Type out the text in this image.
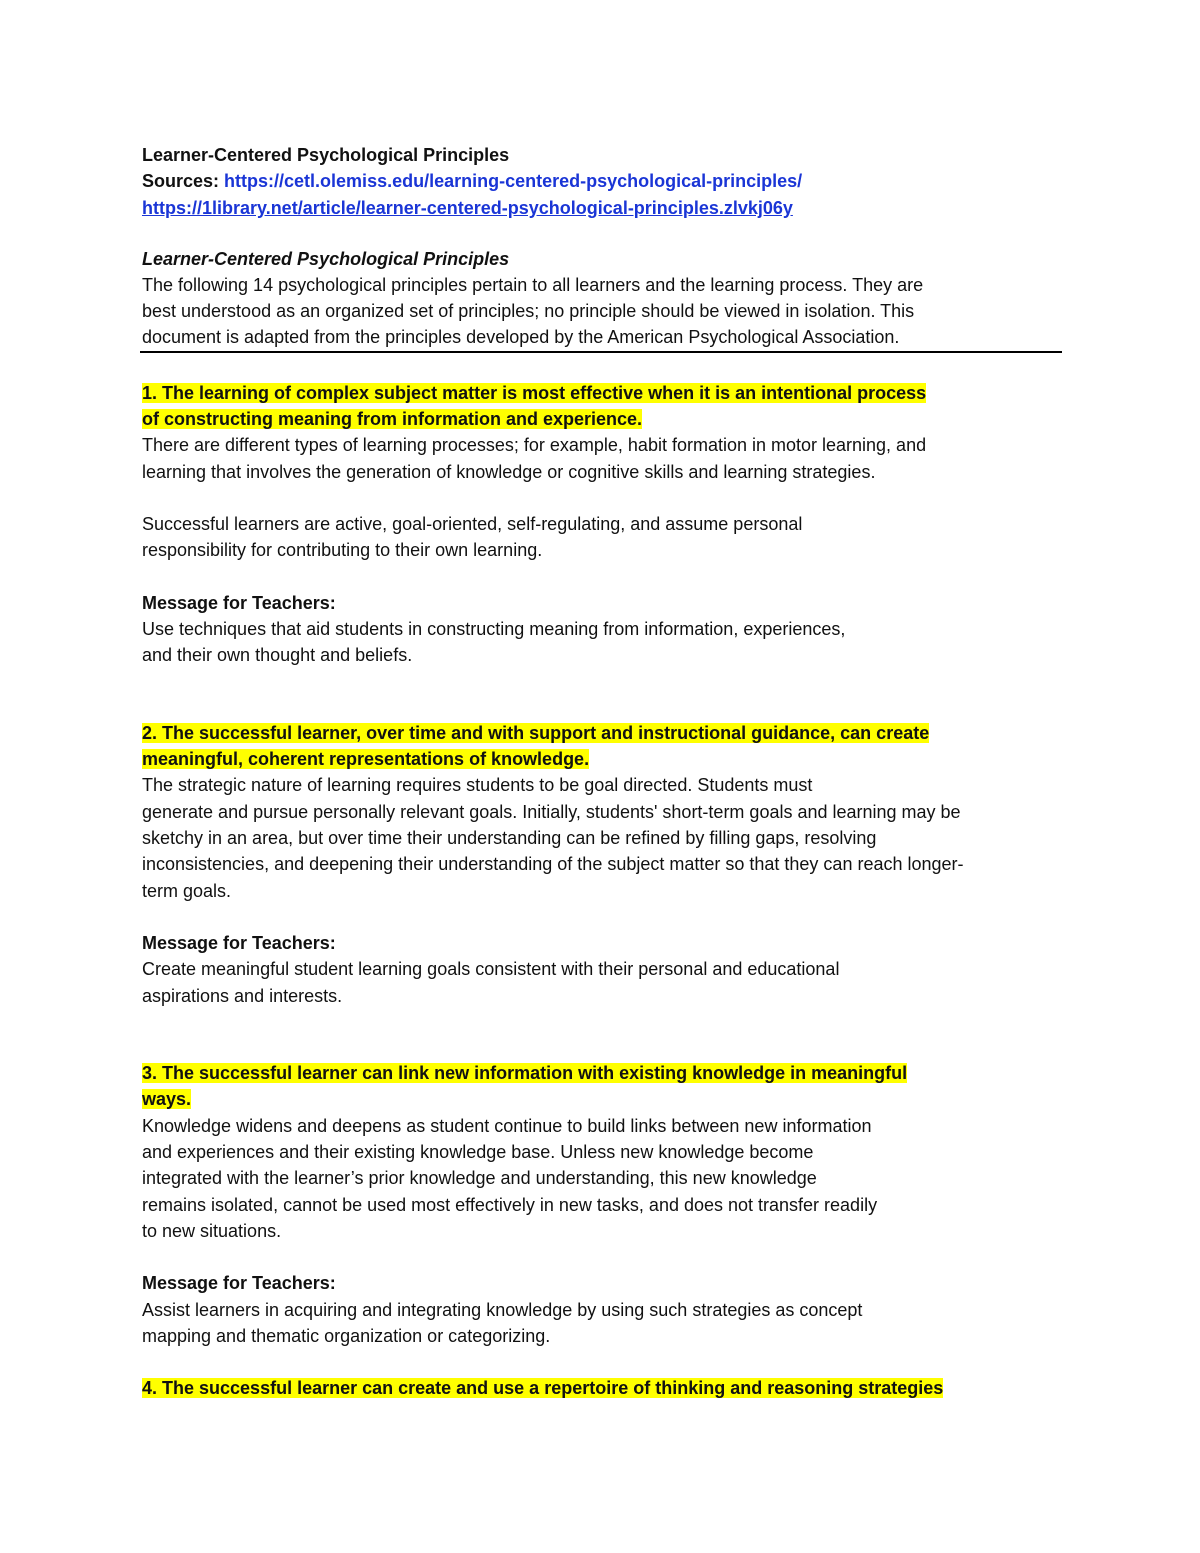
Learner-Centered Psychological Principles
Sources: https://cetl.olemiss.edu/learning-centered-psychological-principles/
https://1library.net/article/learner-centered-psychological-principles.zlvkj06y
Learner-Centered Psychological Principles
The following 14 psychological principles pertain to all learners and the learning process. They are
best understood as an organized set of principles; no principle should be viewed in isolation. This
document is adapted from the principles developed by the American Psychological Association.
1. The learning of complex subject matter is most effective when it is an intentional process
of constructing meaning from information and experience.
There are different types of learning processes; for example, habit formation in motor learning, and
learning that involves the generation of knowledge or cognitive skills and learning strategies.
Successful learners are active, goal-oriented, self-regulating, and assume personal
responsibility for contributing to their own learning.
Message for Teachers:
Use techniques that aid students in constructing meaning from information, experiences,
and their own thought and beliefs.
2. The successful learner, over time and with support and instructional guidance, can create
meaningful, coherent representations of knowledge.
The strategic nature of learning requires students to be goal directed. Students must
generate and pursue personally relevant goals. Initially, students' short-term goals and learning may be
sketchy in an area, but over time their understanding can be refined by filling gaps, resolving
inconsistencies, and deepening their understanding of the subject matter so that they can reach longer-
term goals.
Message for Teachers:
Create meaningful student learning goals consistent with their personal and educational
aspirations and interests.
3. The successful learner can link new information with existing knowledge in meaningful
ways.
Knowledge widens and deepens as student continue to build links between new information
and experiences and their existing knowledge base. Unless new knowledge become
integrated with the learner’s prior knowledge and understanding, this new knowledge
remains isolated, cannot be used most effectively in new tasks, and does not transfer readily
to new situations.
Message for Teachers:
Assist learners in acquiring and integrating knowledge by using such strategies as concept
mapping and thematic organization or categorizing.
4. The successful learner can create and use a repertoire of thinking and reasoning strategies
